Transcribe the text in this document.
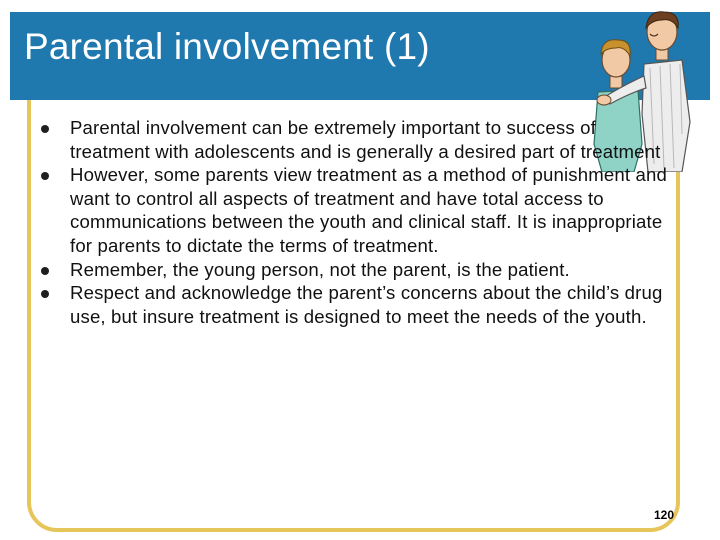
Parental involvement (1)
Parental involvement can be extremely important to success of treatment with adolescents and is generally a desired part of treatment
However, some parents view treatment as a method of punishment and want to control all aspects of treatment and have total access to communications between the youth and clinical staff. It is inappropriate for parents to dictate the terms of treatment.
Remember, the young person, not the parent, is the patient.
Respect and acknowledge the parent’s concerns about the child’s drug use, but insure treatment is designed to meet the needs of the youth.
120
